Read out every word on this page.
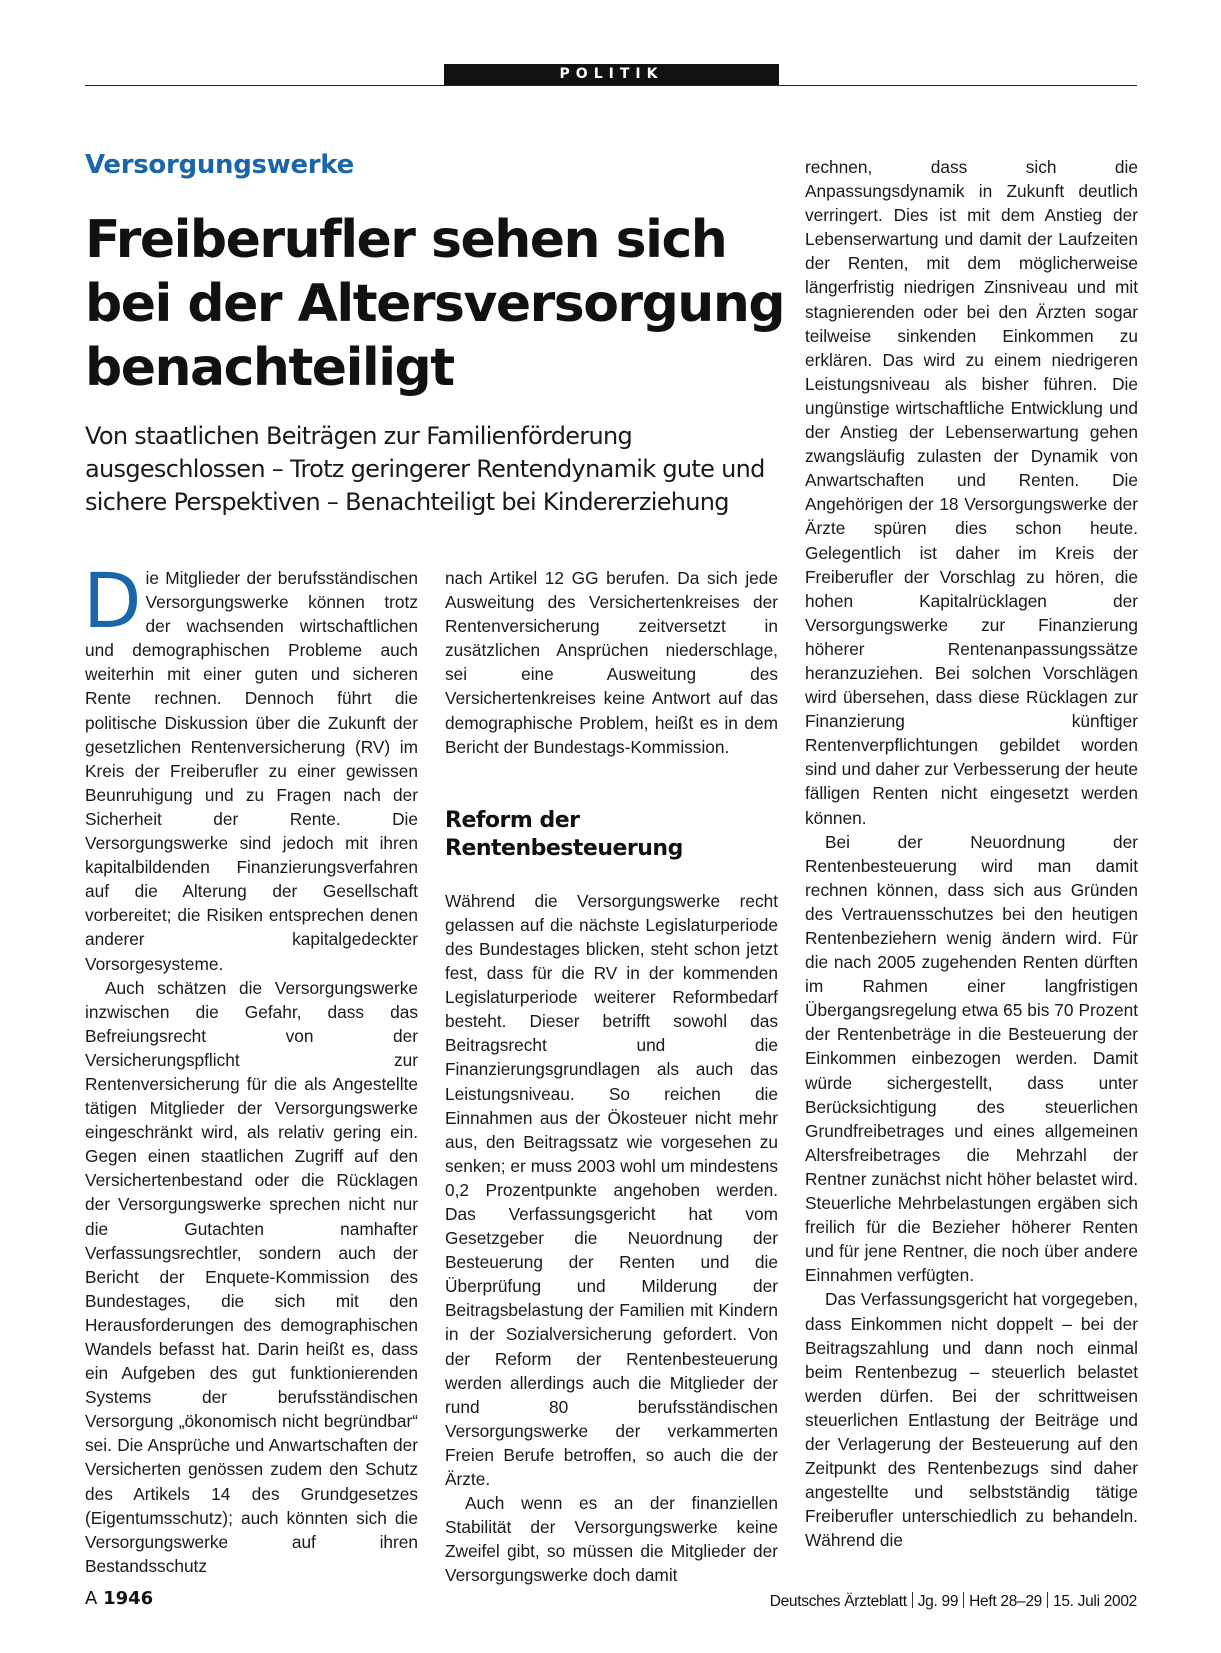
POLITIK
Versorgungswerke
Freiberufler sehen sich bei der Altersversorgung benachteiligt

Von staatlichen Beiträgen zur Familienförderung ausgeschlossen – Trotz geringerer Rentendynamik gute und sichere Perspektiven – Benachteiligt bei Kindererziehung

Die Mitglieder der berufsständischen Versorgungswerke können trotz der wachsenden wirtschaftlichen und demographischen Probleme auch weiterhin mit einer guten und sicheren Rente rechnen. Dennoch führt die politische Diskussion über die Zukunft der gesetzlichen Rentenversicherung (RV) im Kreis der Freiberufler zu einer gewissen Beunruhigung und zu Fragen nach der Sicherheit der Rente. Die Versorgungswerke sind jedoch mit ihren kapitalbildenden Finanzierungsverfahren auf die Alterung der Gesellschaft vorbereitet; die Risiken entsprechen denen anderer kapitalgedeckter Vorsorgesysteme.

Auch schätzen die Versorgungswerke inzwischen die Gefahr, dass das Befreiungsrecht von der Versicherungspflicht zur Rentenversicherung für die als Angestellte tätigen Mitglieder der Versorgungswerke eingeschränkt wird, als relativ gering ein. Gegen einen staatlichen Zugriff auf den Versichertenbestand oder die Rücklagen der Versorgungswerke sprechen nicht nur die Gutachten namhafter Verfassungsrechtler, sondern auch der Bericht der Enquete-Kommission des Bundestages, die sich mit den Herausforderungen des demographischen Wandels befasst hat. Darin heißt es, dass ein Aufgeben des gut funktionierenden Systems der berufsständischen Versorgung „ökonomisch nicht begründbar“ sei. Die Ansprüche und Anwartschaften der Versicherten genössen zudem den Schutz des Artikels 14 des Grundgesetzes (Eigentumsschutz); auch könnten sich die Versorgungswerke auf ihren Bestandsschutz

nach Artikel 12 GG berufen. Da sich jede Ausweitung des Versichertenkreises der Rentenversicherung zeitversetzt in zusätzlichen Ansprüchen niederschlage, sei eine Ausweitung des Versichertenkreises keine Antwort auf das demographische Problem, heißt es in dem Bericht der Bundestags-Kommission.

Reform der
Rentenbesteuerung

Während die Versorgungswerke recht gelassen auf die nächste Legislaturperiode des Bundestages blicken, steht schon jetzt fest, dass für die RV in der kommenden Legislaturperiode weiterer Reformbedarf besteht. Dieser betrifft sowohl das Beitragsrecht und die Finanzierungsgrundlagen als auch das Leistungsniveau. So reichen die Einnahmen aus der Ökosteuer nicht mehr aus, den Beitragssatz wie vorgesehen zu senken; er muss 2003 wohl um mindestens 0,2 Prozentpunkte angehoben werden. Das Verfassungsgericht hat vom Gesetzgeber die Neuordnung der Besteuerung der Renten und die Überprüfung und Milderung der Beitragsbelastung der Familien mit Kindern in der Sozialversicherung gefordert. Von der Reform der Rentenbesteuerung werden allerdings auch die Mitglieder der rund 80 berufsständischen Versorgungswerke der verkammerten Freien Berufe betroffen, so auch die der Ärzte.

Auch wenn es an der finanziellen Stabilität der Versorgungswerke keine Zweifel gibt, so müssen die Mitglieder der Versorgungswerke doch damit

rechnen, dass sich die Anpassungsdynamik in Zukunft deutlich verringert. Dies ist mit dem Anstieg der Lebenserwartung und damit der Laufzeiten der Renten, mit dem möglicherweise längerfristig niedrigen Zinsniveau und mit stagnierenden oder bei den Ärzten sogar teilweise sinkenden Einkommen zu erklären. Das wird zu einem niedrigeren Leistungsniveau als bisher führen. Die ungünstige wirtschaftliche Entwicklung und der Anstieg der Lebenserwartung gehen zwangsläufig zulasten der Dynamik von Anwartschaften und Renten. Die Angehörigen der 18 Versorgungswerke der Ärzte spüren dies schon heute. Gelegentlich ist daher im Kreis der Freiberufler der Vorschlag zu hören, die hohen Kapitalrücklagen der Versorgungswerke zur Finanzierung höherer Rentenanpassungssätze heranzuziehen. Bei solchen Vorschlägen wird übersehen, dass diese Rücklagen zur Finanzierung künftiger Rentenverpflichtungen gebildet worden sind und daher zur Verbesserung der heute fälligen Renten nicht eingesetzt werden können.

Bei der Neuordnung der Rentenbesteuerung wird man damit rechnen können, dass sich aus Gründen des Vertrauensschutzes bei den heutigen Rentenbeziehern wenig ändern wird. Für die nach 2005 zugehenden Renten dürften im Rahmen einer langfristigen Übergangsregelung etwa 65 bis 70 Prozent der Rentenbeträge in die Besteuerung der Einkommen einbezogen werden. Damit würde sichergestellt, dass unter Berücksichtigung des steuerlichen Grundfreibetrages und eines allgemeinen Altersfreibetrages die Mehrzahl der Rentner zunächst nicht höher belastet wird. Steuerliche Mehrbelastungen ergäben sich freilich für die Bezieher höherer Renten und für jene Rentner, die noch über andere Einnahmen verfügten.

Das Verfassungsgericht hat vorgegeben, dass Einkommen nicht doppelt – bei der Beitragszahlung und dann noch einmal beim Rentenbezug – steuerlich belastet werden dürfen. Bei der schrittweisen steuerlichen Entlastung der Beiträge und der Verlagerung der Besteuerung auf den Zeitpunkt des Rentenbezugs sind daher angestellte und selbstständig tätige Freiberufler unterschiedlich zu behandeln. Während die

A 1946	Deutsches Ärzteblatt Jg. 99 Heft 28–29 15. Juli 2002
